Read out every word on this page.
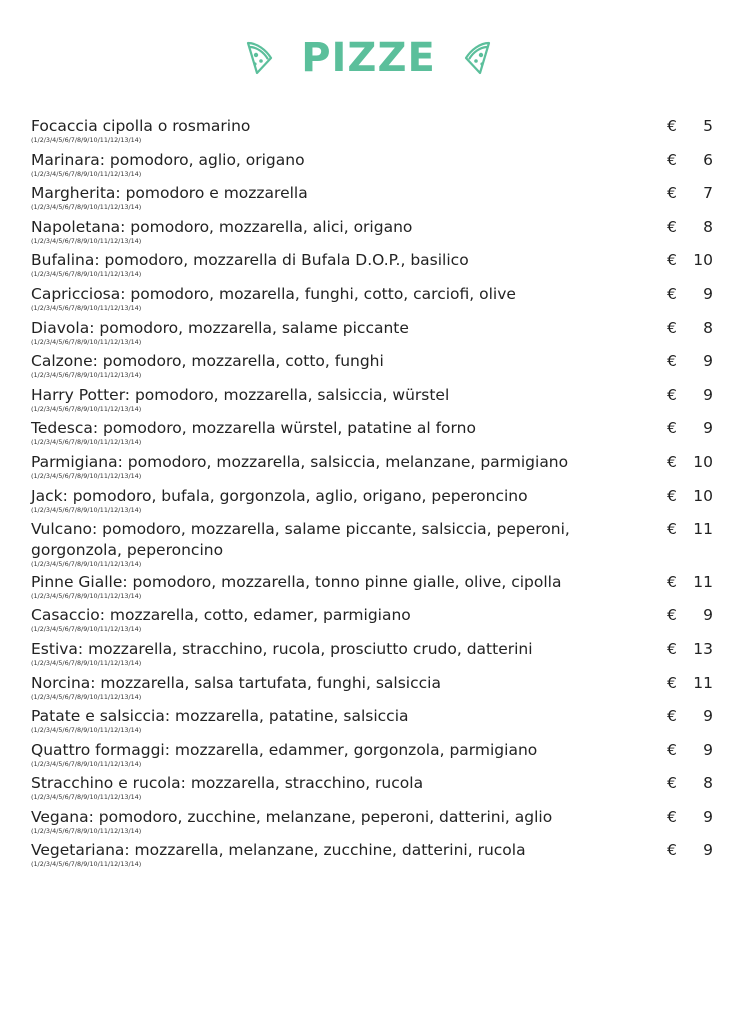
PIZZE
Focaccia cipolla o rosmarino
(1/2/3/4/5/6/7/8/9/10/11/12/13/14)
€ 5
Marinara: pomodoro, aglio, origano
(1/2/3/4/5/6/7/8/9/10/11/12/13/14)
€ 6
Margherita: pomodoro e mozzarella
(1/2/3/4/5/6/7/8/9/10/11/12/13/14)
€ 7
Napoletana: pomodoro, mozzarella, alici, origano
(1/2/3/4/5/6/7/8/9/10/11/12/13/14)
€ 8
Bufalina: pomodoro, mozzarella di Bufala D.O.P., basilico
(1/2/3/4/5/6/7/8/9/10/11/12/13/14)
€ 10
Capricciosa: pomodoro, mozarella, funghi, cotto, carciofi, olive
(1/2/3/4/5/6/7/8/9/10/11/12/13/14)
€ 9
Diavola: pomodoro, mozzarella, salame piccante
(1/2/3/4/5/6/7/8/9/10/11/12/13/14)
€ 8
Calzone: pomodoro, mozzarella, cotto, funghi
(1/2/3/4/5/6/7/8/9/10/11/12/13/14)
€ 9
Harry Potter: pomodoro, mozzarella, salsiccia, würstel
(1/2/3/4/5/6/7/8/9/10/11/12/13/14)
€ 9
Tedesca: pomodoro, mozzarella würstel, patatine al forno
(1/2/3/4/5/6/7/8/9/10/11/12/13/14)
€ 9
Parmigiana: pomodoro, mozzarella, salsiccia, melanzane, parmigiano
(1/2/3/4/5/6/7/8/9/10/11/12/13/14)
€ 10
Jack: pomodoro, bufala, gorgonzola, aglio, origano, peperoncino
(1/2/3/4/5/6/7/8/9/10/11/12/13/14)
€ 10
Vulcano: pomodoro, mozzarella, salame piccante, salsiccia, peperoni, gorgonzola, peperoncino
(1/2/3/4/5/6/7/8/9/10/11/12/13/14)
€ 11
Pinne Gialle: pomodoro, mozzarella, tonno pinne gialle, olive, cipolla
(1/2/3/4/5/6/7/8/9/10/11/12/13/14)
€ 11
Casaccio: mozzarella, cotto, edamer, parmigiano
(1/2/3/4/5/6/7/8/9/10/11/12/13/14)
€ 9
Estiva: mozzarella, stracchino, rucola, prosciutto crudo, datterini
(1/2/3/4/5/6/7/8/9/10/11/12/13/14)
€ 13
Norcina: mozzarella, salsa tartufata, funghi, salsiccia
(1/2/3/4/5/6/7/8/9/10/11/12/13/14)
€ 11
Patate e salsiccia: mozzarella, patatine, salsiccia
(1/2/3/4/5/6/7/8/9/10/11/12/13/14)
€ 9
Quattro formaggi: mozzarella, edammer, gorgonzola, parmigiano
(1/2/3/4/5/6/7/8/9/10/11/12/13/14)
€ 9
Stracchino e rucola: mozzarella, stracchino, rucola
(1/2/3/4/5/6/7/8/9/10/11/12/13/14)
€ 8
Vegana: pomodoro, zucchine, melanzane, peperoni, datterini, aglio
(1/2/3/4/5/6/7/8/9/10/11/12/13/14)
€ 9
Vegetariana: mozzarella, melanzane, zucchine, datterini, rucola
(1/2/3/4/5/6/7/8/9/10/11/12/13/14)
€ 9
